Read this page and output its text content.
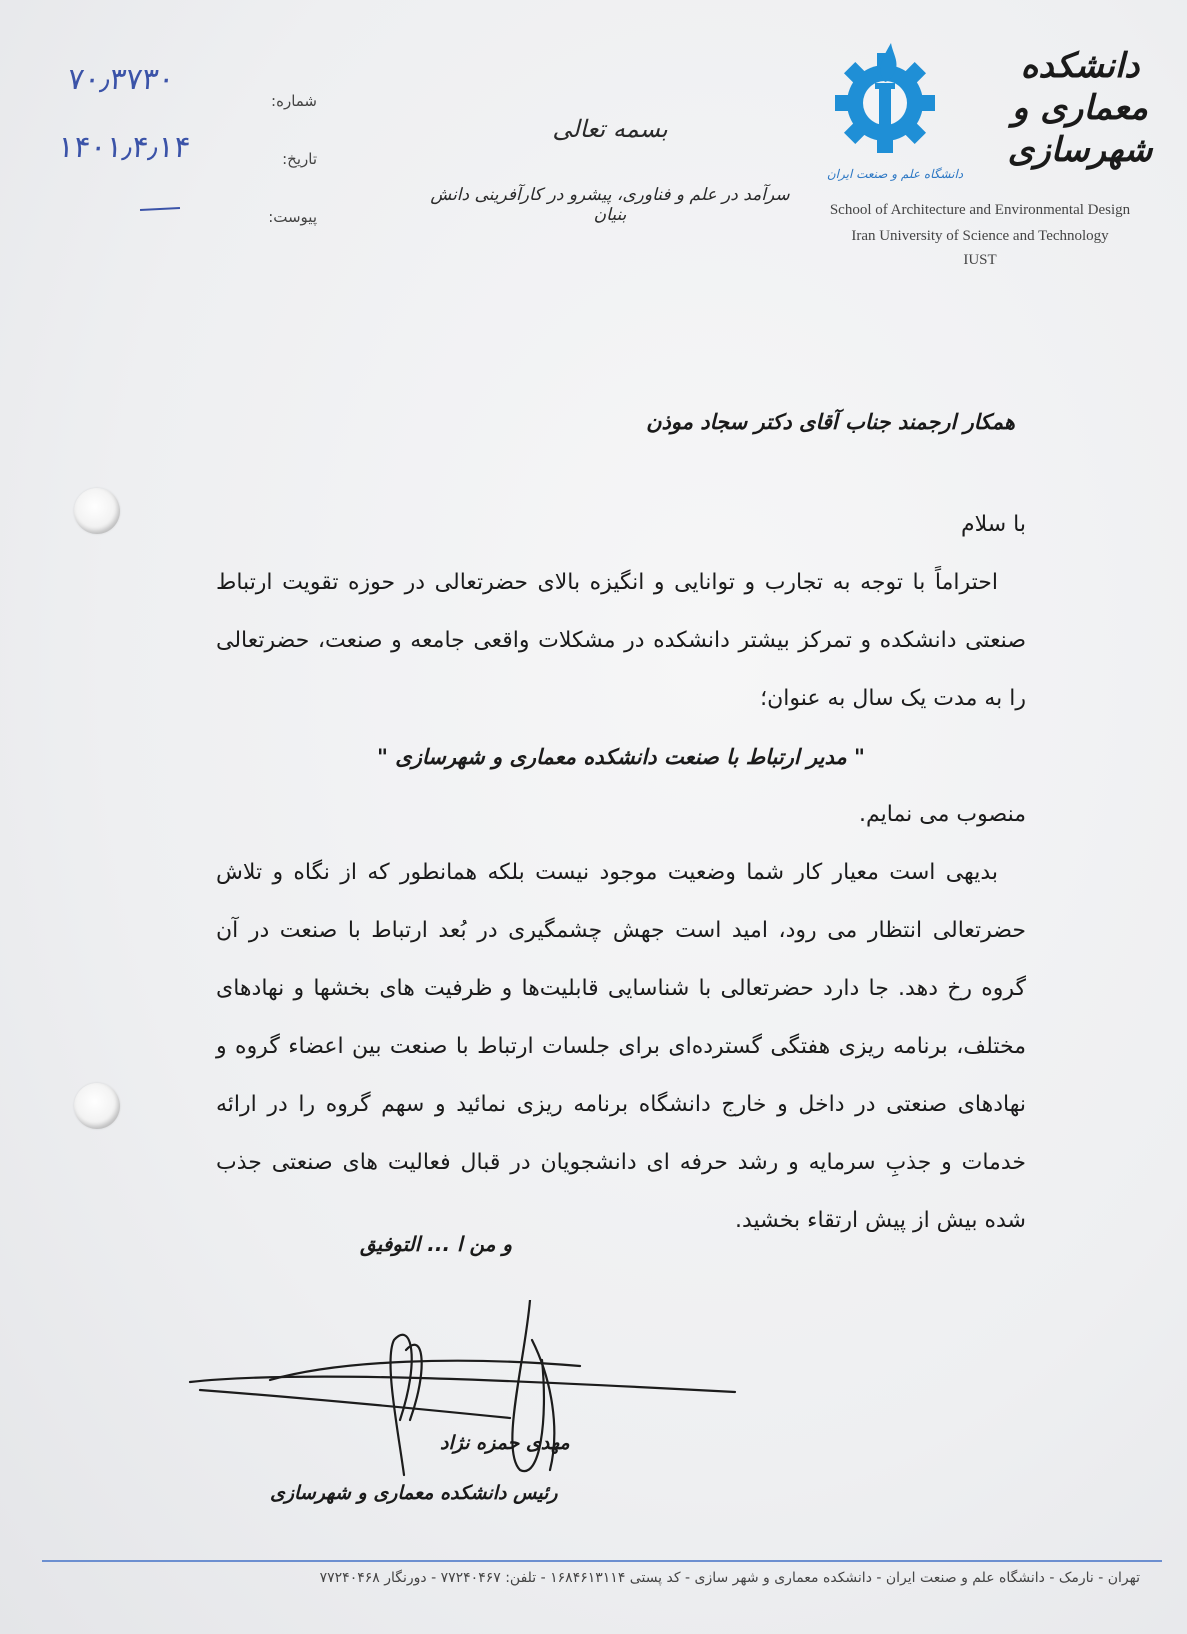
شماره:
تاریخ:
پیوست:
۷۰٫۳۷۳۰
۱۴۰۱٫۴٫۱۴
بسمه تعالی
سرآمد در علم و فناوری، پیشرو در کارآفرینی دانش بنیان
دانشگاه علم و صنعت ایران
دانشکده معماری و شهرسازی
School of Architecture and Environmental Design
Iran University of Science and Technology
IUST
همکار ارجمند جناب آقای دکتر سجاد موذن

با سلام

احتراماً با توجه به تجارب و توانایی و انگیزه بالای حضرتعالی در حوزه تقویت ارتباط صنعتی دانشکده و تمرکز بیشتر دانشکده در مشکلات واقعی جامعه و صنعت، حضرتعالی را به مدت یک سال به عنوان؛

" مدیر ارتباط با صنعت دانشکده معماری و شهرسازی "

منصوب می نمایم.

بدیهی است معیار کار شما وضعیت موجود نیست بلکه همانطور که از نگاه و تلاش حضرتعالی انتظار می رود، امید است جهش چشمگیری در بُعد ارتباط با صنعت در آن گروه رخ دهد. جا دارد حضرتعالی با شناسایی قابلیت‌ها و ظرفیت های بخشها و نهادهای مختلف، برنامه ریزی هفتگی گسترده‌ای برای جلسات ارتباط با صنعت بین اعضاء گروه و نهادهای صنعتی در داخل و خارج دانشگاه برنامه ریزی نمائید و سهم گروه را در ارائه خدمات و جذبِ سرمایه و رشد حرفه ای دانشجویان در قبال فعالیت های صنعتی جذب شده بیش از پیش ارتقاء بخشید.

و من ا ... التوفیق
مهدی حمزه نژاد
رئیس دانشکده معماری و شهرسازی
تهران - نارمک - دانشگاه علم و صنعت ایران - دانشکده معماری و شهر سازی - کد پستی ۱۶۸۴۶۱۳۱۱۴ - تلفن: ۷۷۲۴۰۴۶۷ - دورنگار ۷۷۲۴۰۴۶۸
